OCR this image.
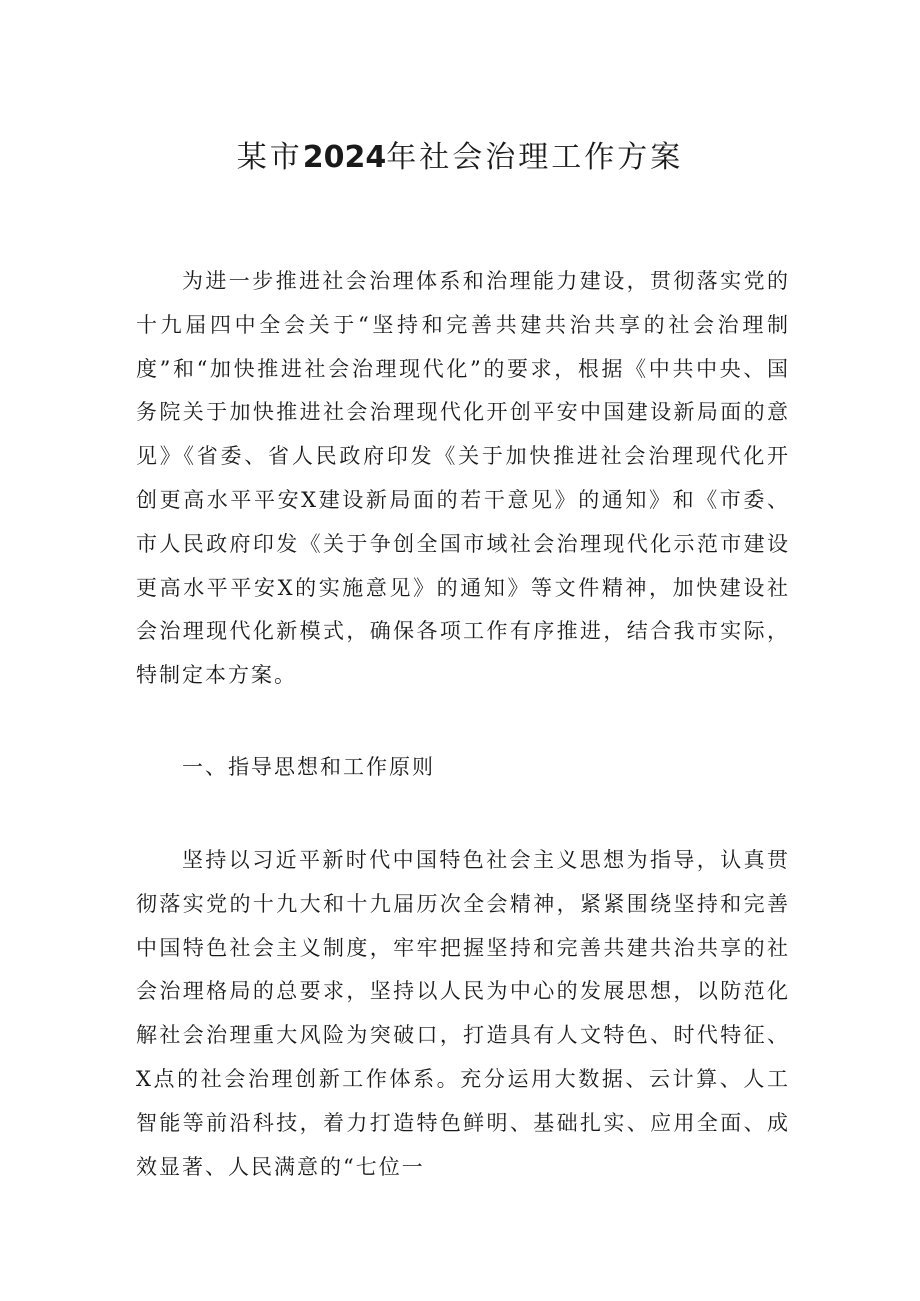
某市2024年社会治理工作方案

为进一步推进社会治理体系和治理能力建设，贯彻落实党的十九届四中全会关于“坚持和完善共建共治共享的社会治理制度”和“加快推进社会治理现代化”的要求，根据《中共中央、国务院关于加快推进社会治理现代化开创平安中国建设新局面的意见》《省委、省人民政府印发《关于加快推进社会治理现代化开创更高水平平安X建设新局面的若干意见》的通知》和《市委、市人民政府印发《关于争创全国市域社会治理现代化示范市建设更高水平平安X的实施意见》的通知》等文件精神，加快建设社会治理现代化新模式，确保各项工作有序推进，结合我市实际，特制定本方案。

一、指导思想和工作原则

坚持以习近平新时代中国特色社会主义思想为指导，认真贯彻落实党的十九大和十九届历次全会精神，紧紧围绕坚持和完善中国特色社会主义制度，牢牢把握坚持和完善共建共治共享的社会治理格局的总要求，坚持以人民为中心的发展思想，以防范化解社会治理重大风险为突破口，打造具有人文特色、时代特征、X点的社会治理创新工作体系。充分运用大数据、云计算、人工智能等前沿科技，着力打造特色鲜明、基础扎实、应用全面、成效显著、人民满意的“七位一
